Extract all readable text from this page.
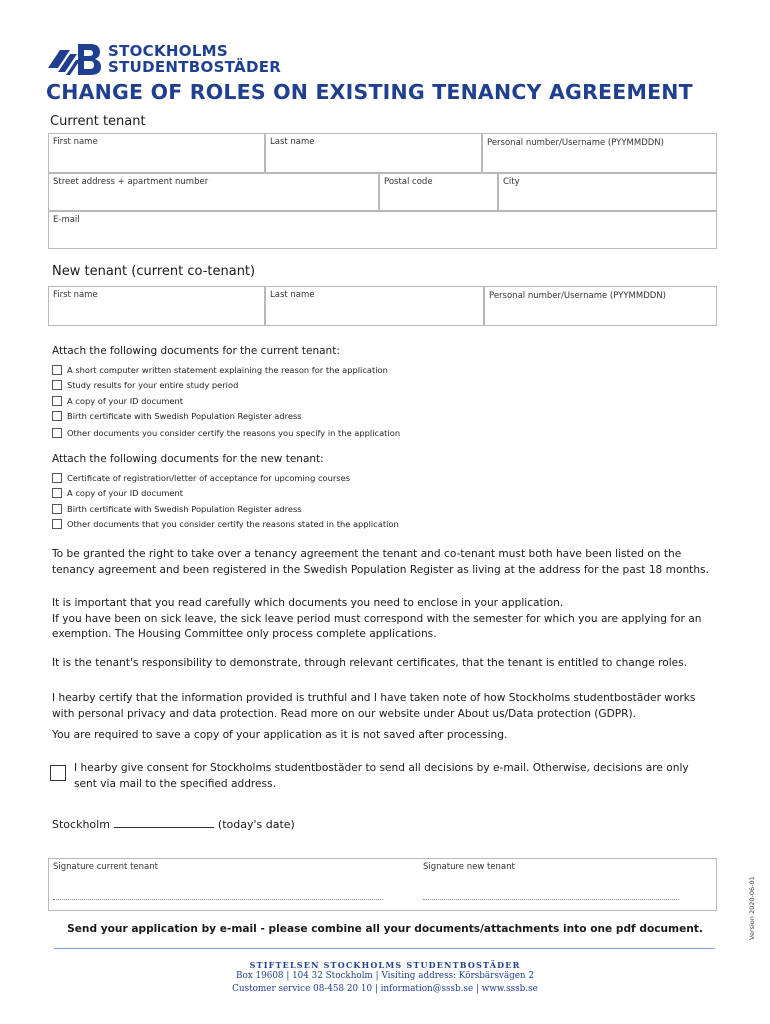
STOCKHOLMS
STUDENTBOSTÄDER
CHANGE OF ROLES ON EXISTING TENANCY AGREEMENT
Current tenant
First name	Last name	Personal number/Username (PYYMMDDN)
Street address + apartment number	Postal code	City
E-mail
New tenant (current co-tenant)
First name	Last name	Personal number/Username (PYYMMDDN)
Attach the following documents for the current tenant:
A short computer written statement explaining the reason for the application
Study results for your entire study period
A copy of your ID document
Birth certificate with Swedish Population Register adress
Other documents you consider certify the reasons you specify in the application
Attach the following documents for the new tenant:
Certificate of registration/letter of acceptance for upcoming courses
A copy of your ID document
Birth certificate with Swedish Population Register adress
Other documents that you consider certify the reasons stated in the application
To be granted the right to take over a tenancy agreement the tenant and co-tenant must both have been listed on the tenancy agreement and been registered in the Swedish Population Register as living at the address for the past 18 months.

It is important that you read carefully which documents you need to enclose in your application.

If you have been on sick leave, the sick leave period must correspond with the semester for which you are applying for an exemption. The Housing Committee only process complete applications.

It is the tenant's responsibility to demonstrate, through relevant certificates, that the tenant is entitled to change roles.
I hearby certify that the information provided is truthful and I have taken note of how Stockholms studentbostäder works with personal privacy and data protection. Read more on our website under About us/Data protection (GDPR).
You are required to save a copy of your application as it is not saved after processing.
I hearby give consent for Stockholms studentbostäder to send all decisions by e-mail. Otherwise, decisions are only sent via mail to the specified address.
Stockholm	(today's date)
Signature current tenant	Signature new tenant
Version 2020-06-01
Send your application by e-mail - please combine all your documents/attachments into one pdf document.
STIFTELSEN STOCKHOLMS STUDENTBOSTÄDER
Box 19608 | 104 32 Stockholm | Visiting address: Körsbärsvägen 2
Customer service 08-458 20 10 | information@sssb.se | www.sssb.se
